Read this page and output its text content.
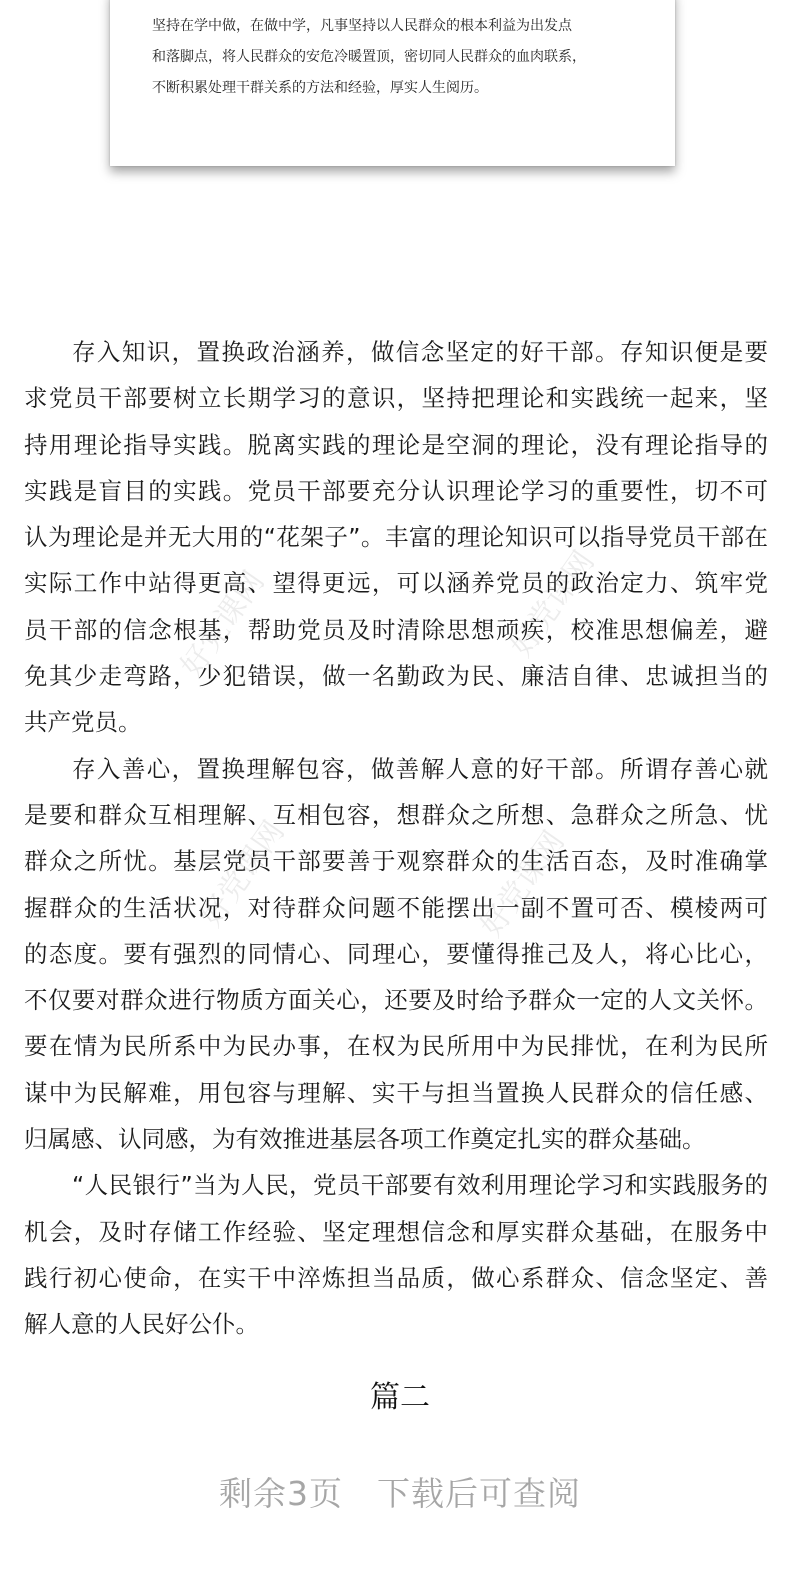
坚持在学中做，在做中学，凡事坚持以人民群众的根本利益为出发点
和落脚点，将人民群众的安危冷暖置顶，密切同人民群众的血肉联系，
不断积累处理干群关系的方法和经验，厚实人生阅历。
好党课网	好党课网
好党课网	好党课网
存入知识，置换政治涵养，做信念坚定的好干部。存知识便是要
求党员干部要树立长期学习的意识，坚持把理论和实践统一起来，坚
持用理论指导实践。脱离实践的理论是空洞的理论，没有理论指导的
实践是盲目的实践。党员干部要充分认识理论学习的重要性，切不可
认为理论是并无大用的“花架子”。丰富的理论知识可以指导党员干部在
实际工作中站得更高、望得更远，可以涵养党员的政治定力、筑牢党
员干部的信念根基，帮助党员及时清除思想顽疾，校准思想偏差，避
免其少走弯路，少犯错误，做一名勤政为民、廉洁自律、忠诚担当的
共产党员。
存入善心，置换理解包容，做善解人意的好干部。所谓存善心就
是要和群众互相理解、互相包容，想群众之所想、急群众之所急、忧
群众之所忧。基层党员干部要善于观察群众的生活百态，及时准确掌
握群众的生活状况，对待群众问题不能摆出一副不置可否、模棱两可
的态度。要有强烈的同情心、同理心，要懂得推己及人，将心比心，
不仅要对群众进行物质方面关心，还要及时给予群众一定的人文关怀。
要在情为民所系中为民办事，在权为民所用中为民排忧，在利为民所
谋中为民解难，用包容与理解、实干与担当置换人民群众的信任感、
归属感、认同感，为有效推进基层各项工作奠定扎实的群众基础。
“人民银行”当为人民，党员干部要有效利用理论学习和实践服务的
机会，及时存储工作经验、坚定理想信念和厚实群众基础，在服务中
践行初心使命，在实干中淬炼担当品质，做心系群众、信念坚定、善
解人意的人民好公仆。
篇二
剩余3页 下载后可查阅
